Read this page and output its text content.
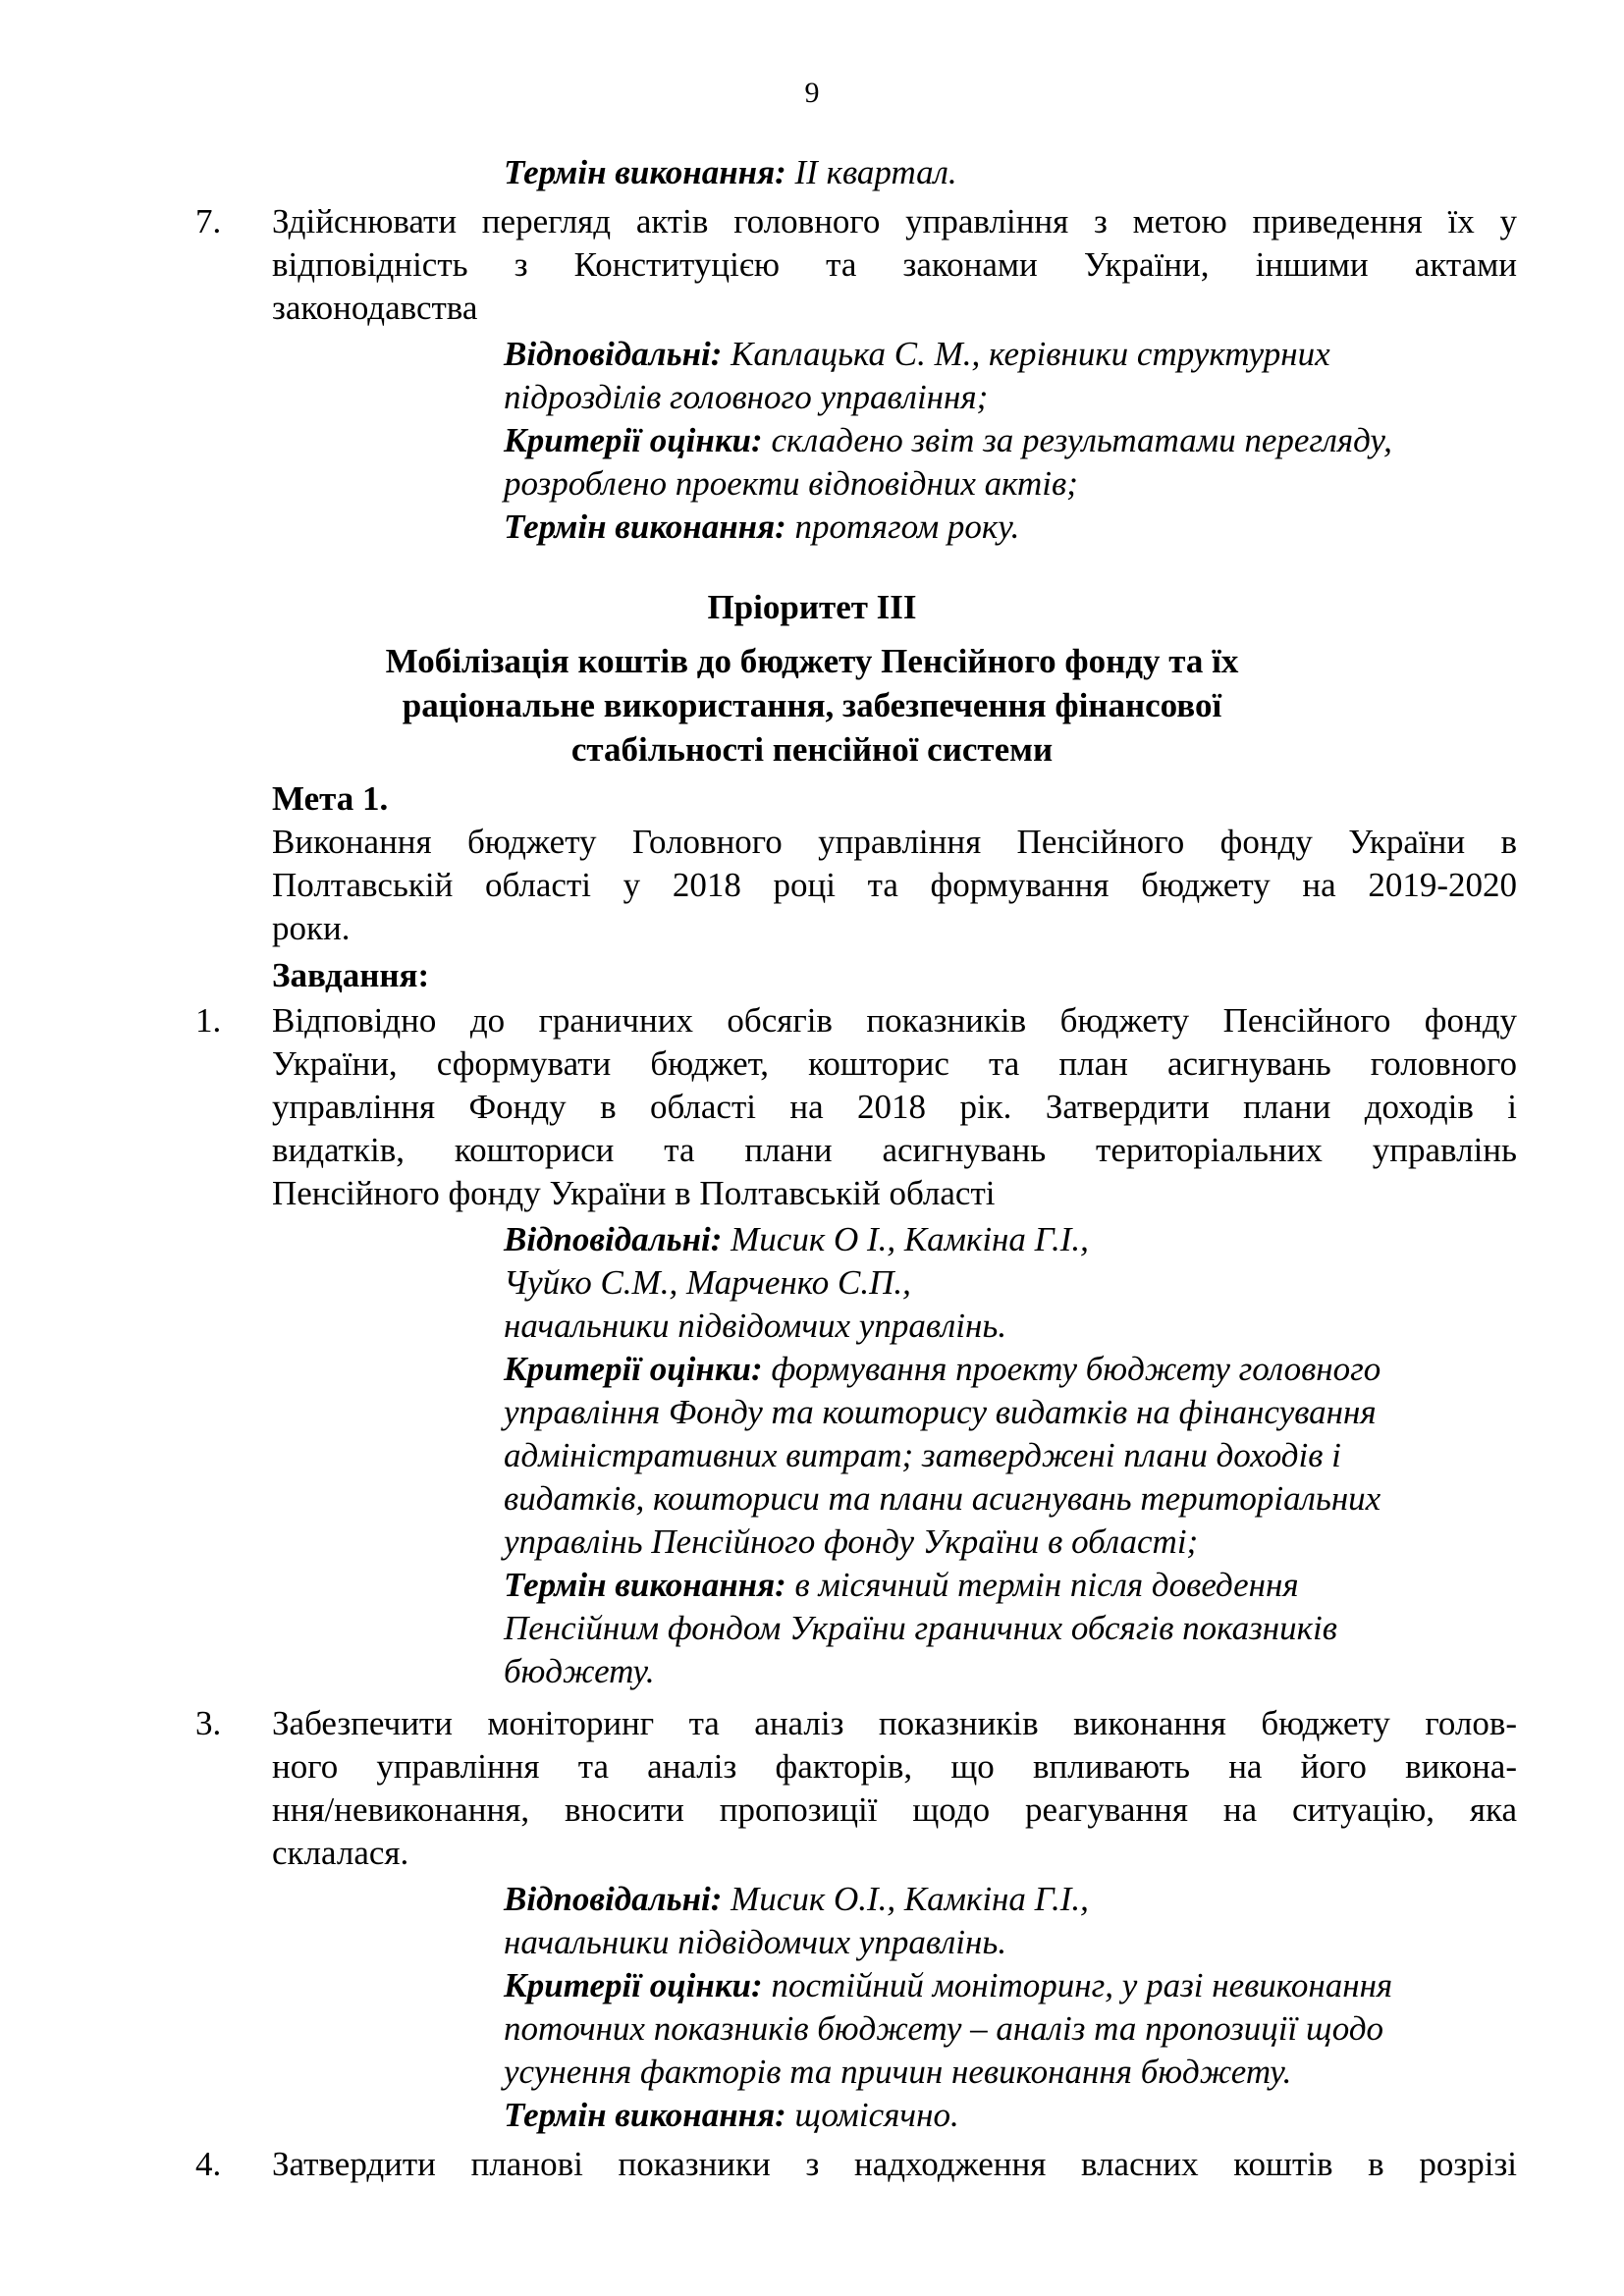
9
Термін виконання: II квартал.
7. Здійснювати перегляд актів головного управління з метою приведення їх у
відповідність з Конституцією та законами України, іншими актами
законодавства
Відповідальні: Каплацька С. М., керівники структурних
підрозділів головного управління;
Критерії оцінки: складено звіт за результатами перегляду,
розроблено проекти відповідних актів;
Термін виконання: протягом року.
Пріоритет ІІІ
Мобілізація коштів до бюджету Пенсійного фонду та їх
раціональне використання, забезпечення фінансової
стабільності пенсійної системи
Мета 1.
Виконання бюджету Головного управління Пенсійного фонду України в
Полтавській області у 2018 році та формування бюджету на 2019-2020
роки.
Завдання:
1. Відповідно до граничних обсягів показників бюджету Пенсійного фонду
України, сформувати бюджет, кошторис та план асигнувань головного
управління Фонду в області на 2018 рік. Затвердити плани доходів і
видатків, кошториси та плани асигнувань територіальних управлінь
Пенсійного фонду України в Полтавській області
Відповідальні: Мисик О І., Камкіна Г.І.,
Чуйко С.М., Марченко С.П.,
начальники підвідомчих управлінь.
Критерії оцінки: формування проекту бюджету головного
управління Фонду та кошторису видатків на фінансування
адміністративних витрат; затверджені плани доходів і
видатків, кошториси та плани асигнувань територіальних
управлінь Пенсійного фонду України в області;
Термін виконання: в місячний термін після доведення
Пенсійним фондом України граничних обсягів показників
бюджету.
3. Забезпечити моніторинг та аналіз показників виконання бюджету голов-
ного управління та аналіз факторів, що впливають на його викона-
ння/невиконання, вносити пропозиції щодо реагування на ситуацію, яка
склалася.
Відповідальні: Мисик О.І., Камкіна Г.І.,
начальники підвідомчих управлінь.
Критерії оцінки: постійний моніторинг, у разі невиконання
поточних показників бюджету – аналіз та пропозиції щодо
усунення факторів та причин невиконання бюджету.
Термін виконання: щомісячно.
4. Затвердити планові показники з надходження власних коштів в розрізі
